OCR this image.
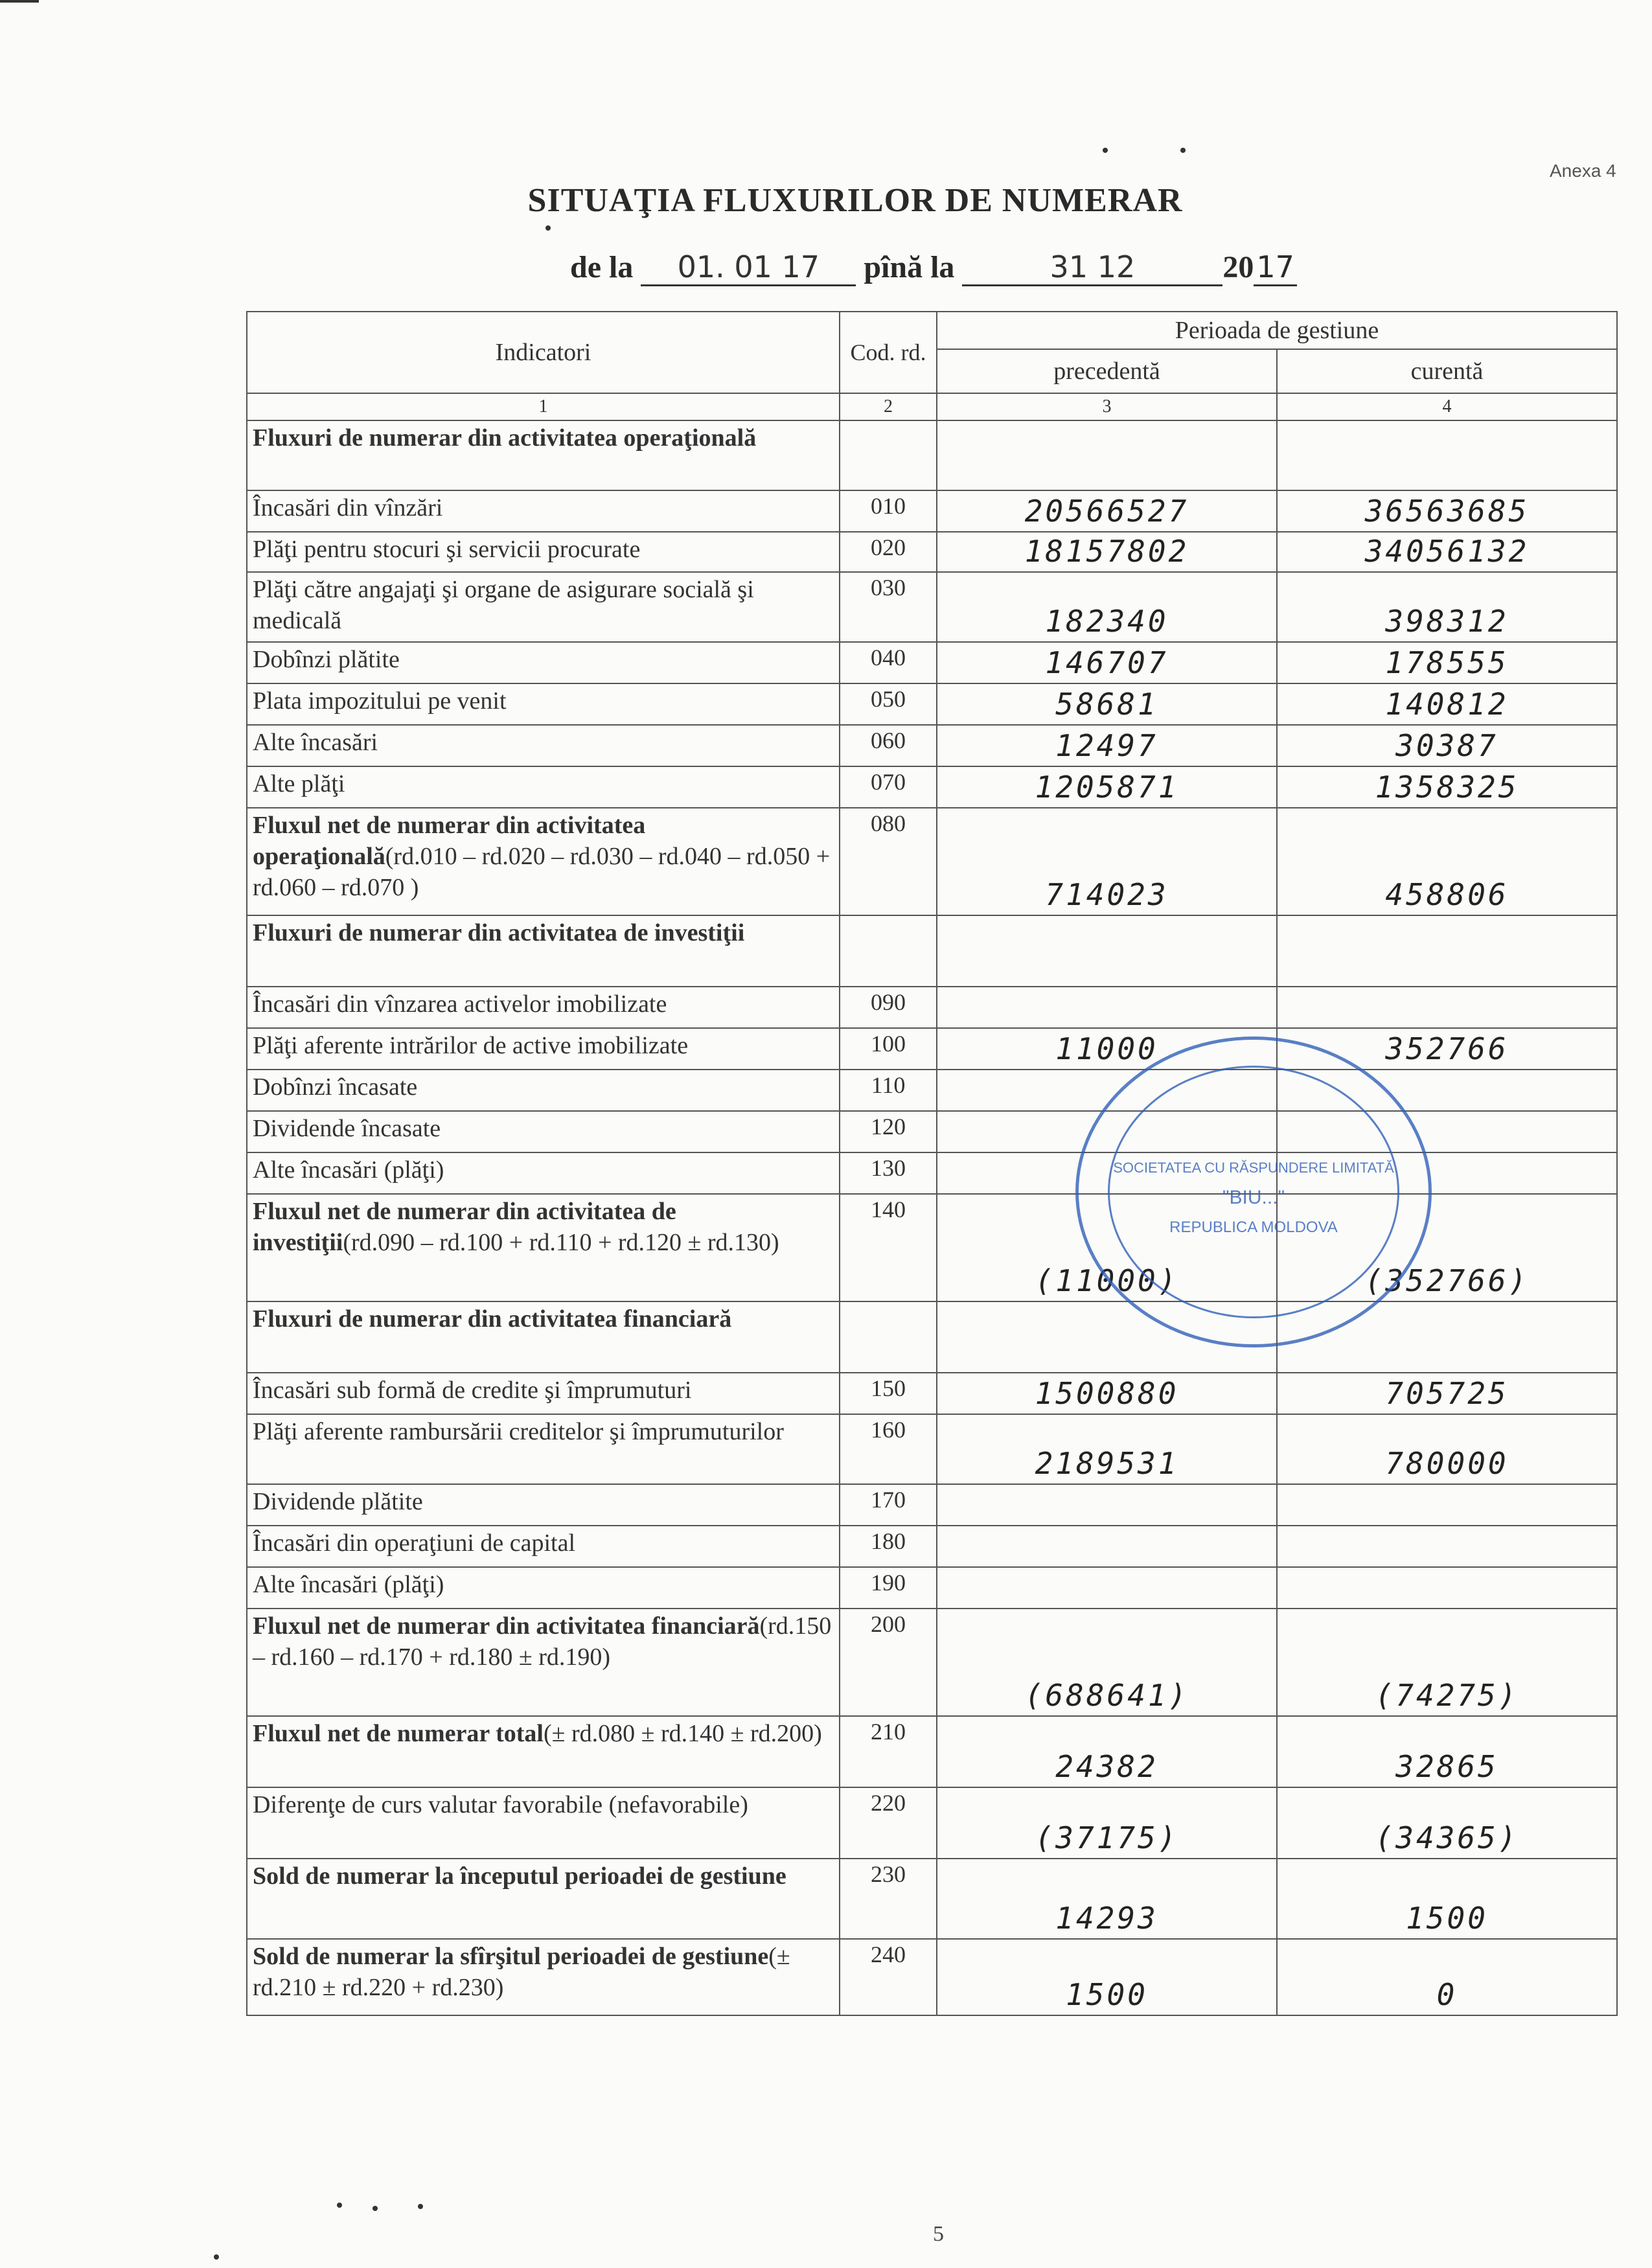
Anexa 4
SITUAŢIA FLUXURILOR DE NUMERAR
de la 01. 01 17 pînă la	31 12	2017
Indicatori	Cod. rd.	Perioada de gestiune	
		precedentă	curentă
1	2	3	4
Fluxuri de numerar din activitatea operaţională			
Încasări din vînzări	010	20566527	36563685
Plăţi pentru stocuri şi servicii procurate	020	18157802	34056132
Plăţi către angajaţi şi organe de asigurare socială şi medicală	030	182340	398312
Dobînzi plătite	040	146707	178555
Plata impozitului pe venit	050	58681	140812
Alte încasări	060	12497	30387
Alte plăţi	070	1205871	1358325
Fluxul net de numerar din activitatea operaţională(rd.010 – rd.020 – rd.030 – rd.040 – rd.050 + rd.060 – rd.070 )	080	714023	458806
Fluxuri de numerar din activitatea de investiţii			
Încasări din vînzarea activelor imobilizate	090		
Plăţi aferente intrărilor de active imobilizate	100	11000	352766
Dobînzi încasate	110		
Dividende încasate	120		
Alte încasări (plăţi)	130		
Fluxul net de numerar din activitatea de investiţii(rd.090 – rd.100 + rd.110 + rd.120 ± rd.130)	140	(11000)	(352766)
Fluxuri de numerar din activitatea financiară			
Încasări sub formă de credite şi împrumuturi	150	1500880	705725
Plăţi aferente rambursării creditelor şi împrumuturilor	160	2189531	780000
Dividende plătite	170		
Încasări din operaţiuni de capital	180		
Alte încasări (plăţi)	190		
Fluxul net de numerar din activitatea financiară(rd.150 – rd.160 – rd.170 + rd.180 ± rd.190)	200	(688641)	(74275)
Fluxul net de numerar total(± rd.080 ± rd.140 ± rd.200)	210	24382	32865
Diferenţe de curs valutar favorabile (nefavorabile)	220	(37175)	(34365)
Sold de numerar la începutul perioadei de gestiune	230	14293	1500
Sold de numerar la sfîrşitul perioadei de gestiune(± rd.210 ± rd.220 + rd.230)	240	1500	0
SOCIETATEA CU RĂSPUNDERE LIMITATĂ
"BIU..."
REPUBLICA MOLDOVA
5
